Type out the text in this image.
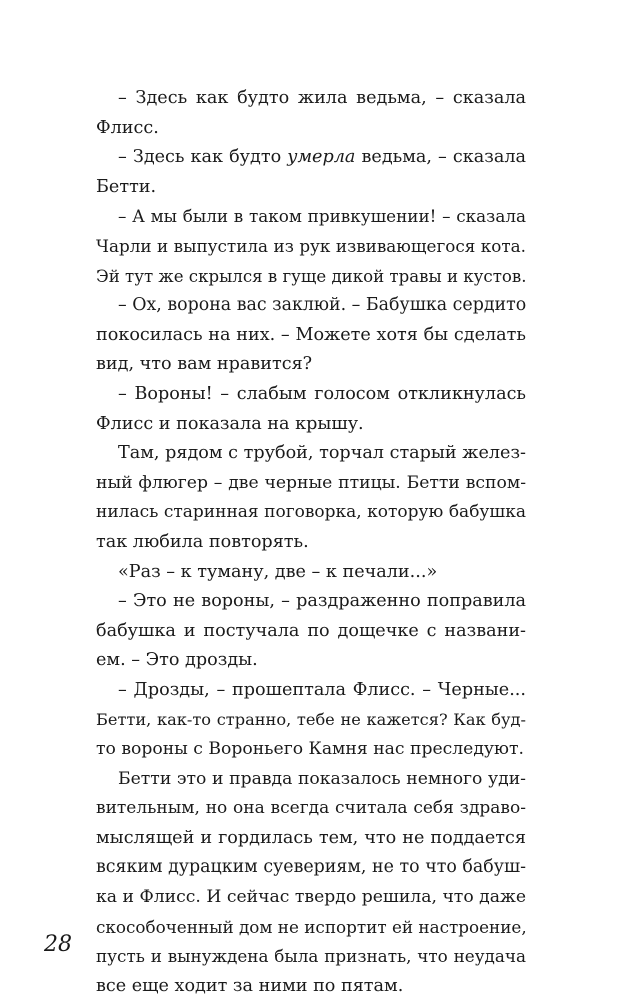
– Здесь как будто жила ведьма, – сказала
Флисс.
– Здесь как будто умерла ведьма, – сказала
Бетти.
– А мы были в таком привкушении! – сказала
Чарли и выпустила из рук извивающегося кота.
Эй тут же скрылся в гуще дикой травы и кустов.
– Ох, ворона вас заклюй. – Бабушка сердито
покосилась на них. – Можете хотя бы сделать
вид, что вам нравится?
– Вороны! – слабым голосом откликнулась
Флисс и показала на крышу.
Там, рядом с трубой, торчал старый желез-
ный флюгер – две черные птицы. Бетти вспом-
нилась старинная поговорка, которую бабушка
так любила повторять.
«Раз – к туману, две – к печали...»
– Это не вороны, – раздраженно поправила
бабушка и постучала по дощечке с названи-
ем. – Это дрозды.
– Дрозды, – прошептала Флисс. – Черные...
Бетти, как-то странно, тебе не кажется? Как буд-
то вороны с Вороньего Камня нас преследуют.
Бетти это и правда показалось немного уди-
вительным, но она всегда считала себя здраво-
мыслящей и гордилась тем, что не поддается
всяким дурацким суевериям, не то что бабуш-
ка и Флисс. И сейчас твердо решила, что даже
скособоченный дом не испортит ей настроение,
пусть и вынуждена была признать, что неудача
все еще ходит за ними по пятам.
28
